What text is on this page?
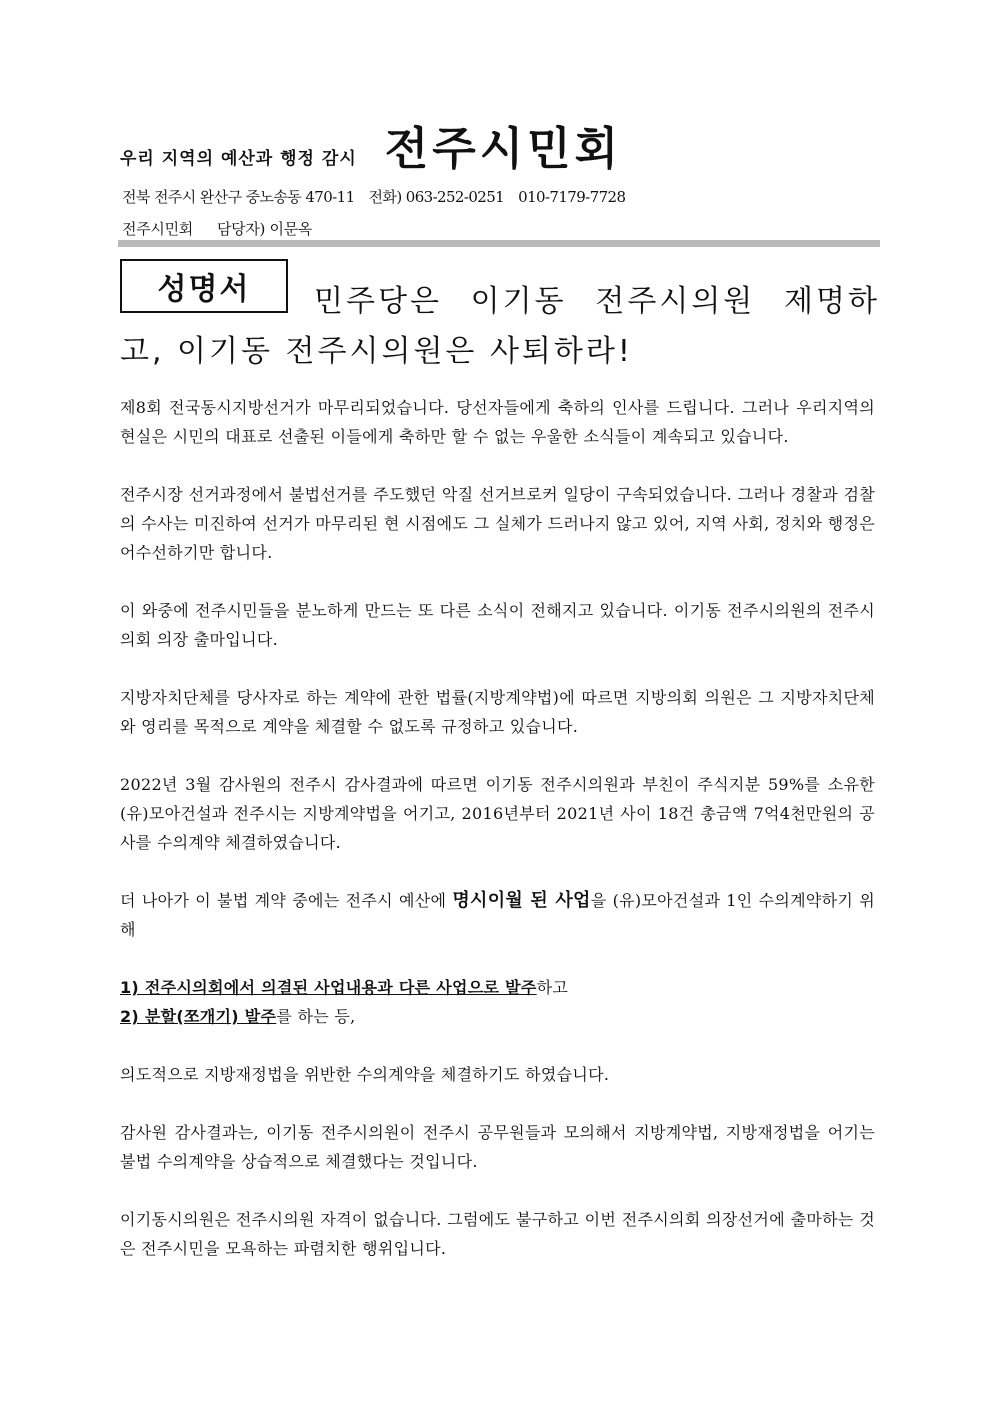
우리 지역의 예산과 행정 감시 전주시민회
전북 전주시 완산구 중노송동 470-11 전화) 063-252-0251 010-7179-7728
전주시민회 담당자) 이문옥
성명서 민주당은 이기동 전주시의원 제명하
고, 이기동 전주시의원은 사퇴하라!

제8회 전국동시지방선거가 마무리되었습니다. 당선자들에게 축하의 인사를 드립니다. 그러나 우리지역의 현실은 시민의 대표로 선출된 이들에게 축하만 할 수 없는 우울한 소식들이 계속되고 있습니다.

전주시장 선거과정에서 불법선거를 주도했던 악질 선거브로커 일당이 구속되었습니다. 그러나 경찰과 검찰의 수사는 미진하여 선거가 마무리된 현 시점에도 그 실체가 드러나지 않고 있어, 지역 사회, 정치와 행정은 어수선하기만 합니다.

이 와중에 전주시민들을 분노하게 만드는 또 다른 소식이 전해지고 있습니다. 이기동 전주시의원의 전주시의회 의장 출마입니다.

지방자치단체를 당사자로 하는 계약에 관한 법률(지방계약법)에 따르면 지방의회 의원은 그 지방자치단체와 영리를 목적으로 계약을 체결할 수 없도록 규정하고 있습니다.

2022년 3월 감사원의 전주시 감사결과에 따르면 이기동 전주시의원과 부친이 주식지분 59%를 소유한 (유)모아건설과 전주시는 지방계약법을 어기고, 2016년부터 2021년 사이 18건 총금액 7억4천만원의 공사를 수의계약 체결하였습니다.

더 나아가 이 불법 계약 중에는 전주시 예산에 명시이월 된 사업을 (유)모아건설과 1인 수의계약하기 위해

1) 전주시의회에서 의결된 사업내용과 다른 사업으로 발주하고

2) 분할(쪼개기) 발주를 하는 등,

의도적으로 지방재정법을 위반한 수의계약을 체결하기도 하였습니다.

감사원 감사결과는, 이기동 전주시의원이 전주시 공무원들과 모의해서 지방계약법, 지방재정법을 어기는 불법 수의계약을 상습적으로 체결했다는 것입니다.

이기동시의원은 전주시의원 자격이 없습니다. 그럼에도 불구하고 이번 전주시의회 의장선거에 출마하는 것은 전주시민을 모욕하는 파렴치한 행위입니다.
